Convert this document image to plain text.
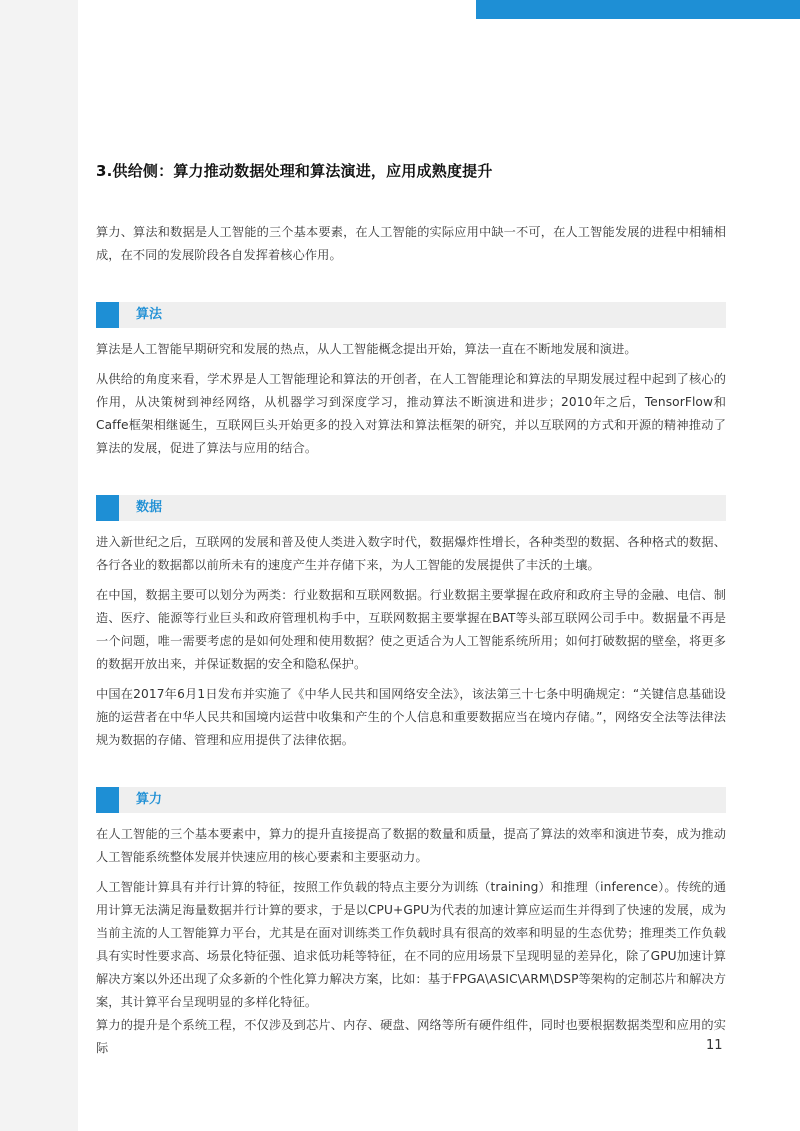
3.供给侧：算力推动数据处理和算法演进，应用成熟度提升

算力、算法和数据是人工智能的三个基本要素，在人工智能的实际应用中缺一不可，在人工智能发展的进程中相辅相成，在不同的发展阶段各自发挥着核心作用。

算法

算法是人工智能早期研究和发展的热点，从人工智能概念提出开始，算法一直在不断地发展和演进。

从供给的角度来看，学术界是人工智能理论和算法的开创者，在人工智能理论和算法的早期发展过程中起到了核心的作用，从决策树到神经网络，从机器学习到深度学习，推动算法不断演进和进步；2010年之后，TensorFlow和Caffe框架相继诞生，互联网巨头开始更多的投入对算法和算法框架的研究，并以互联网的方式和开源的精神推动了算法的发展，促进了算法与应用的结合。

数据

进入新世纪之后，互联网的发展和普及使人类进入数字时代，数据爆炸性增长，各种类型的数据、各种格式的数据、各行各业的数据都以前所未有的速度产生并存储下来，为人工智能的发展提供了丰沃的土壤。

在中国，数据主要可以划分为两类：行业数据和互联网数据。行业数据主要掌握在政府和政府主导的金融、电信、制造、医疗、能源等行业巨头和政府管理机构手中，互联网数据主要掌握在BAT等头部互联网公司手中。数据量不再是一个问题，唯一需要考虑的是如何处理和使用数据？使之更适合为人工智能系统所用；如何打破数据的壁垒，将更多的数据开放出来，并保证数据的安全和隐私保护。

中国在2017年6月1日发布并实施了《中华人民共和国网络安全法》，该法第三十七条中明确规定：“关键信息基础设施的运营者在中华人民共和国境内运营中收集和产生的个人信息和重要数据应当在境内存储。”，网络安全法等法律法规为数据的存储、管理和应用提供了法律依据。

算力

在人工智能的三个基本要素中，算力的提升直接提高了数据的数量和质量，提高了算法的效率和演进节奏，成为推动人工智能系统整体发展并快速应用的核心要素和主要驱动力。

人工智能计算具有并行计算的特征，按照工作负载的特点主要分为训练（training）和推理（inference）。传统的通用计算无法满足海量数据并行计算的要求，于是以CPU+GPU为代表的加速计算应运而生并得到了快速的发展，成为当前主流的人工智能算力平台，尤其是在面对训练类工作负载时具有很高的效率和明显的生态优势；推理类工作负载具有实时性要求高、场景化特征强、追求低功耗等特征，在不同的应用场景下呈现明显的差异化，除了GPU加速计算解决方案以外还出现了众多新的个性化算力解决方案，比如：基于FPGA\ASIC\ARM\DSP等架构的定制芯片和解决方案，其计算平台呈现明显的多样化特征。

算力的提升是个系统工程，不仅涉及到芯片、内存、硬盘、网络等所有硬件组件，同时也要根据数据类型和应用的实际	11
